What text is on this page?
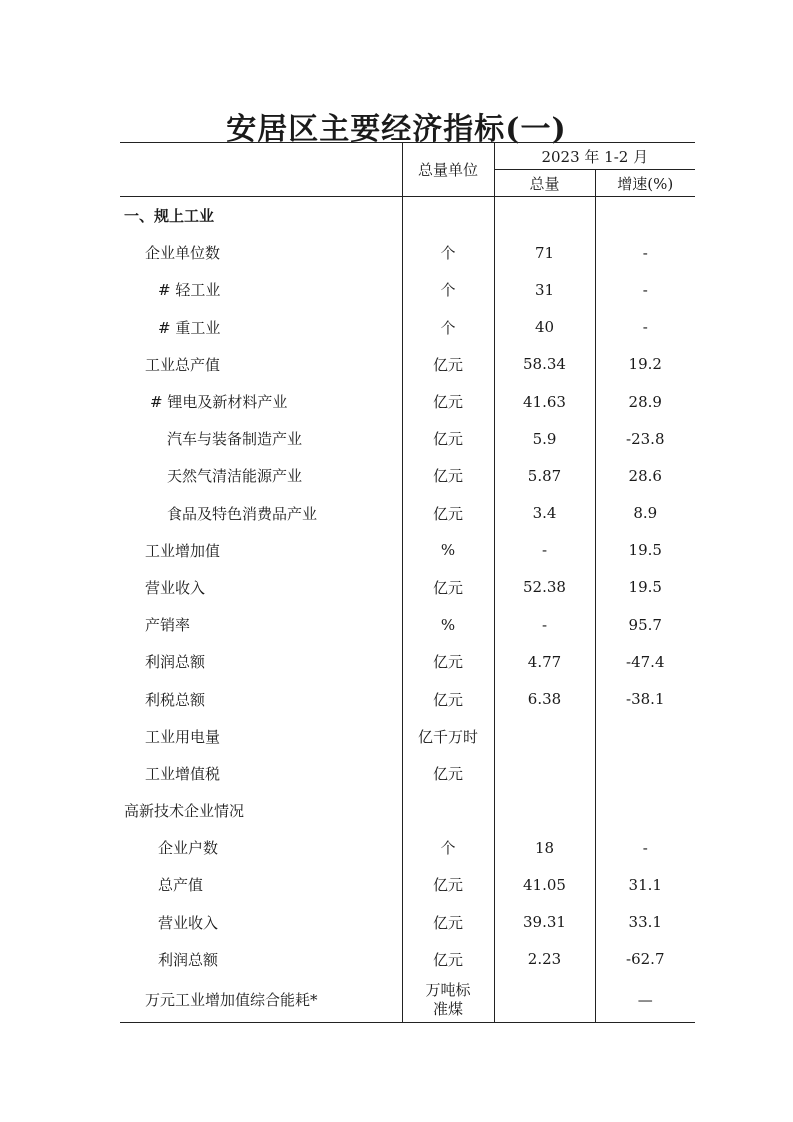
安居区主要经济指标(一)
	总量单位	2023 年 1-2 月	
		总量	增速(%)
一、规上工业			
企业单位数	个	71	-
# 轻工业	个	31	-
# 重工业	个	40	-
工业总产值	亿元	58.34	19.2
# 锂电及新材料产业	亿元	41.63	28.9
汽车与装备制造产业	亿元	5.9	-23.8
天然气清洁能源产业	亿元	5.87	28.6
食品及特色消费品产业	亿元	3.4	8.9
工业增加值	%	-	19.5
营业收入	亿元	52.38	19.5
产销率	%	-	95.7
利润总额	亿元	4.77	-47.4
利税总额	亿元	6.38	-38.1
工业用电量	亿千万时		
工业增值税	亿元		
高新技术企业情况			
企业户数	个	18	-
总产值	亿元	41.05	31.1
营业收入	亿元	39.31	33.1
利润总额	亿元	2.23	-62.7
万元工业增加值综合能耗*	万吨标准煤		—
